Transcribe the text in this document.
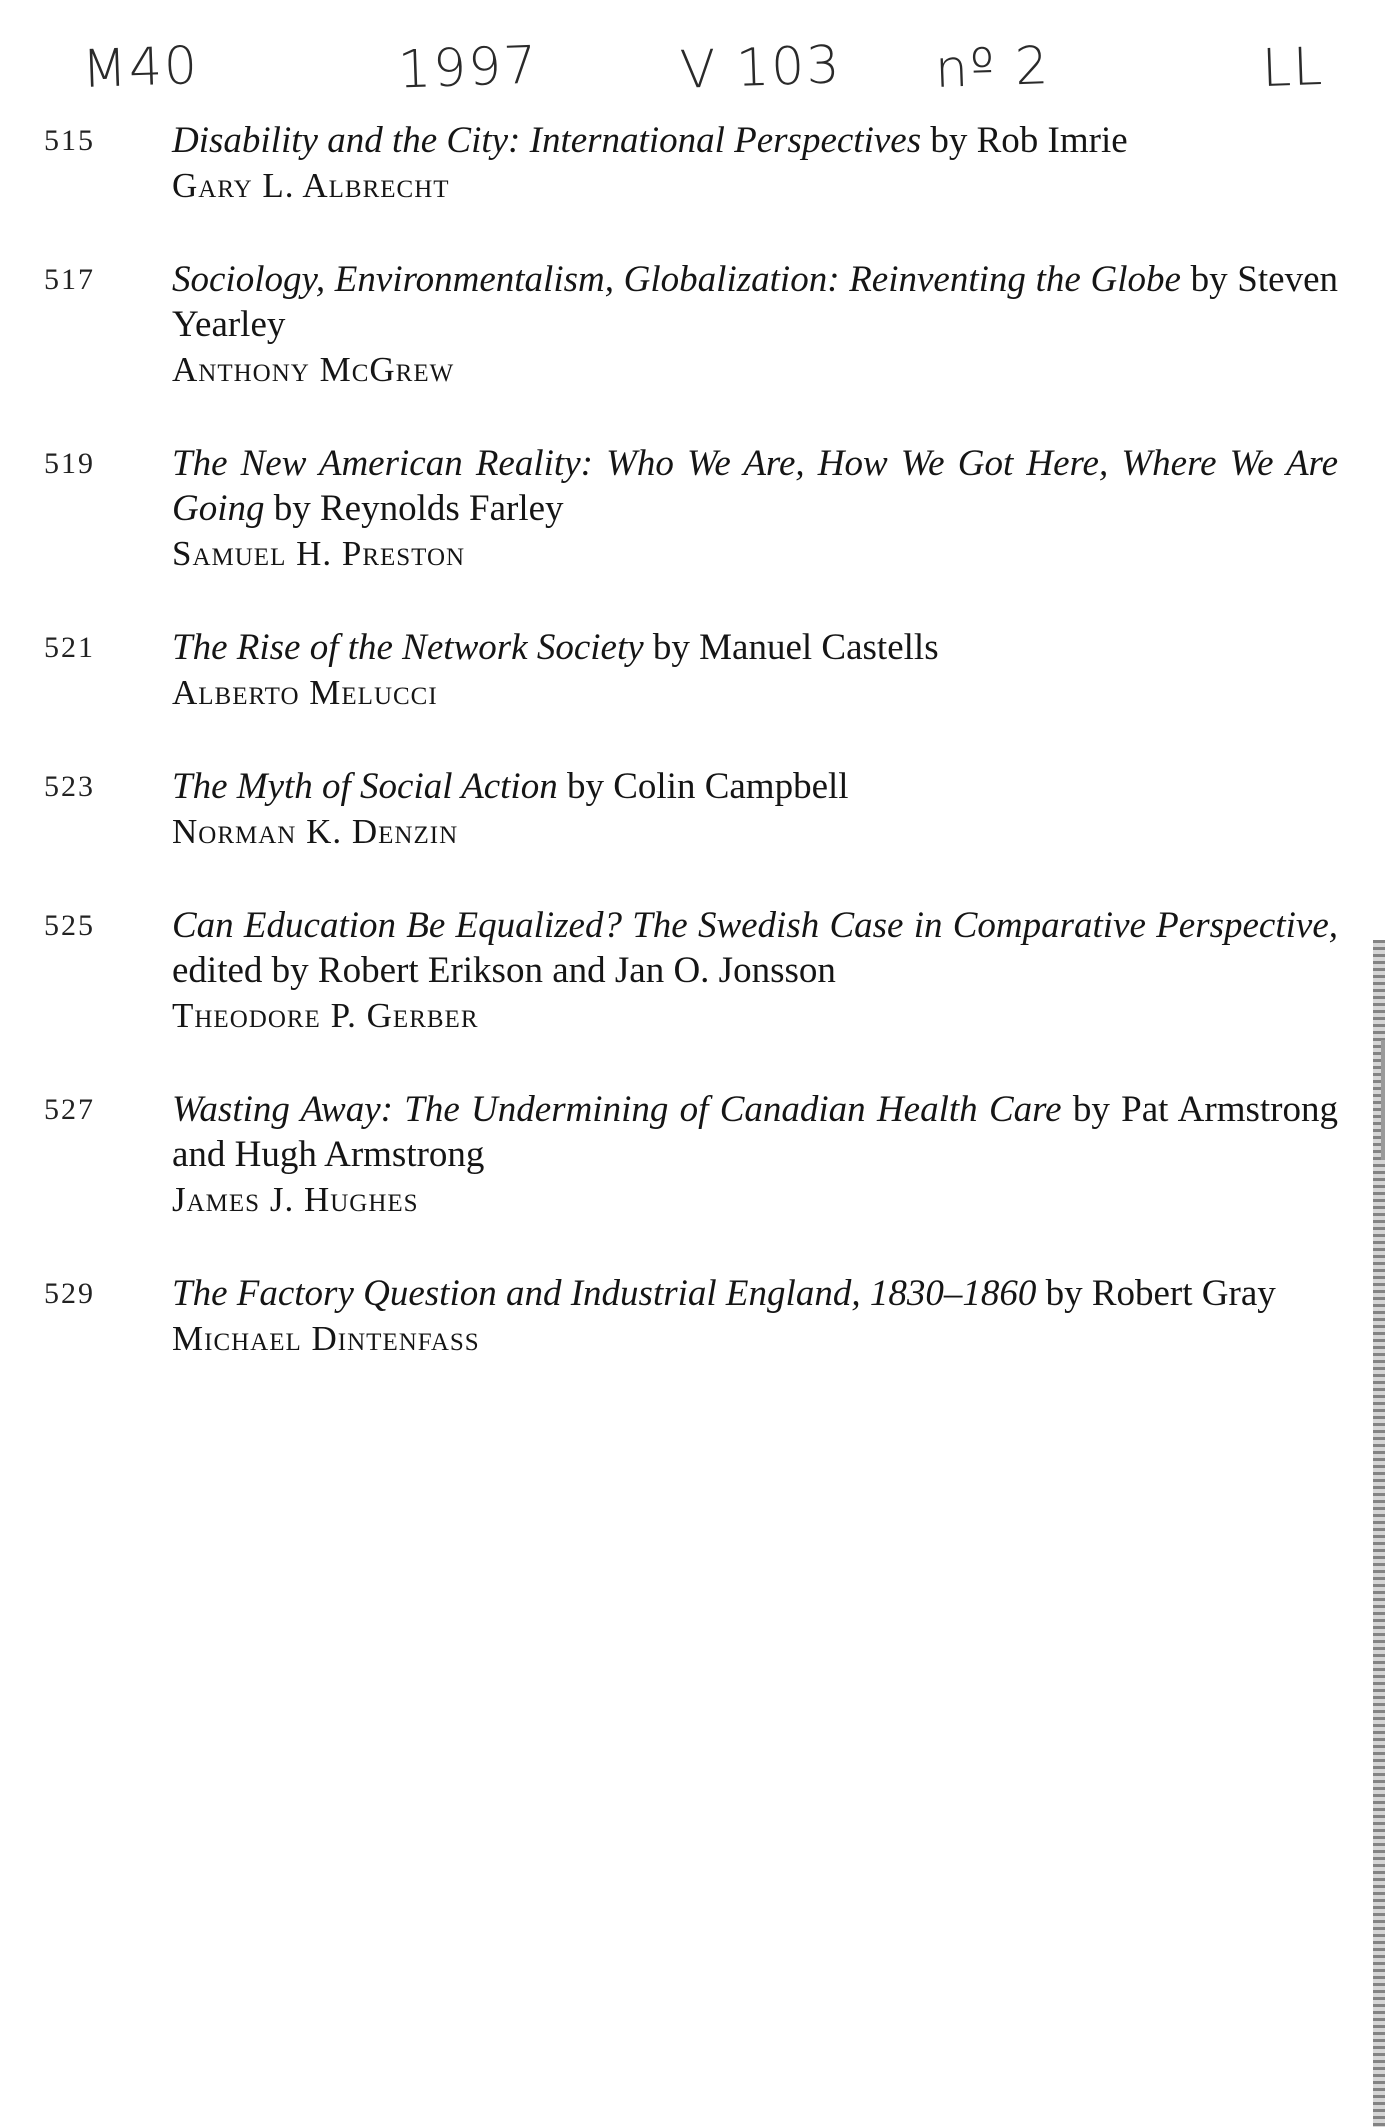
M40	1997	V 103 nº 2	LL
515 Disability and the City: International Perspectives by Rob Imrie
Gary L. Albrecht
517 Sociology, Environmentalism, Globalization: Reinventing the Globe by Steven Yearley
Anthony McGrew
519 The New American Reality: Who We Are, How We Got Here, Where We Are Going by Reynolds Farley
Samuel H. Preston
521 The Rise of the Network Society by Manuel Castells
Alberto Melucci
523 The Myth of Social Action by Colin Campbell
Norman K. Denzin
525 Can Education Be Equalized? The Swedish Case in Comparative Perspective, edited by Robert Erikson and Jan O. Jonsson
Theodore P. Gerber
527 Wasting Away: The Undermining of Canadian Health Care by Pat Armstrong and Hugh Armstrong
James J. Hughes
529 The Factory Question and Industrial England, 1830–1860 by Robert Gray
Michael Dintenfass
